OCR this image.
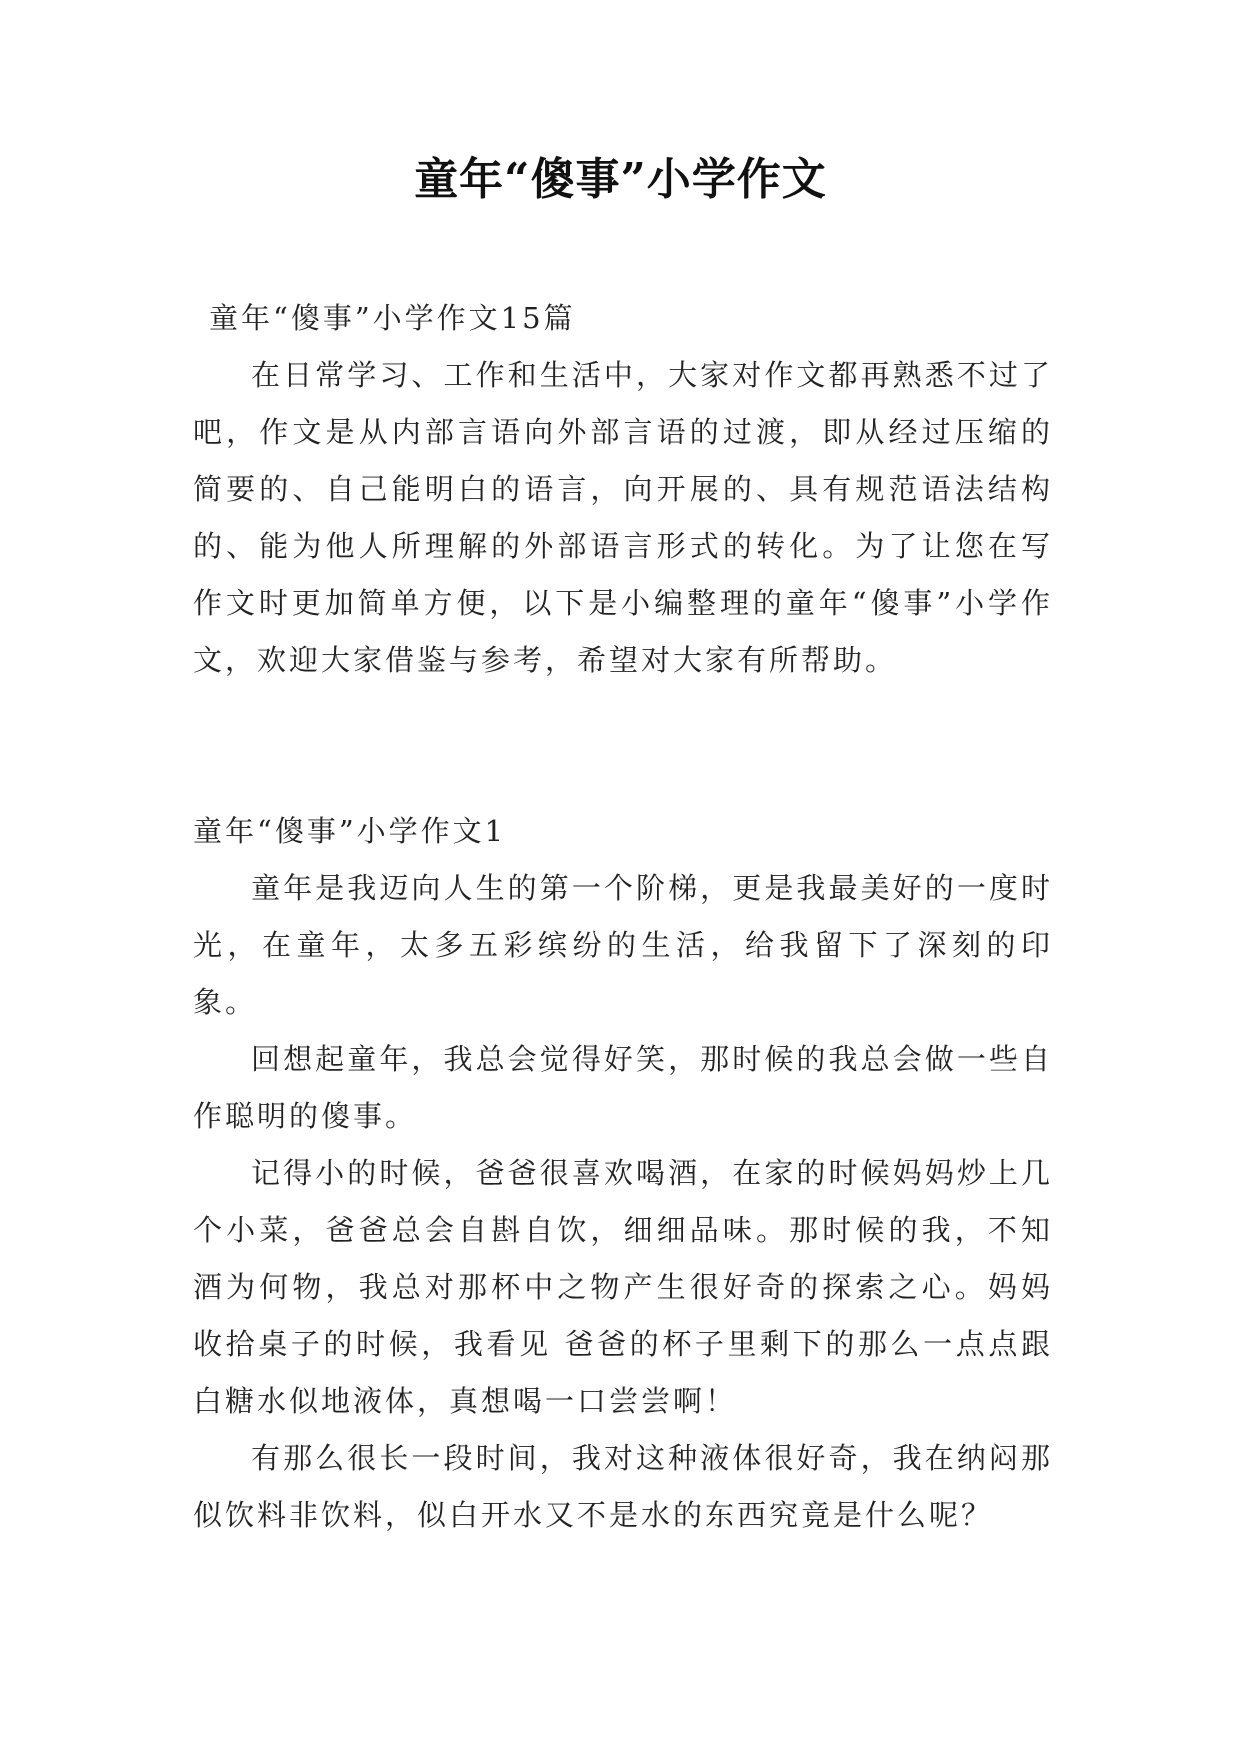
童年“傻事”小学作文

童年“傻事”小学作文15篇

在日常学习、工作和生活中，大家对作文都再熟悉不过了吧，作文是从内部言语向外部言语的过渡，即从经过压缩的简要的、自己能明白的语言，向开展的、具有规范语法结构的、能为他人所理解的外部语言形式的转化。为了让您在写作文时更加简单方便，以下是小编整理的童年“傻事”小学作文，欢迎大家借鉴与参考，希望对大家有所帮助。

童年“傻事”小学作文1

童年是我迈向人生的第一个阶梯，更是我最美好的一度时光，在童年，太多五彩缤纷的生活，给我留下了深刻的印象。

回想起童年，我总会觉得好笑，那时候的我总会做一些自作聪明的傻事。

记得小的时候，爸爸很喜欢喝酒，在家的时候妈妈炒上几个小菜，爸爸总会自斟自饮，细细品味。那时候的我，不知酒为何物，我总对那杯中之物产生很好奇的探索之心。妈妈收拾桌子的时候，我看见 爸爸的杯子里剩下的那么一点点跟白糖水似地液体，真想喝一口尝尝啊！

有那么很长一段时间，我对这种液体很好奇，我在纳闷那似饮料非饮料，似白开水又不是水的东西究竟是什么呢？
